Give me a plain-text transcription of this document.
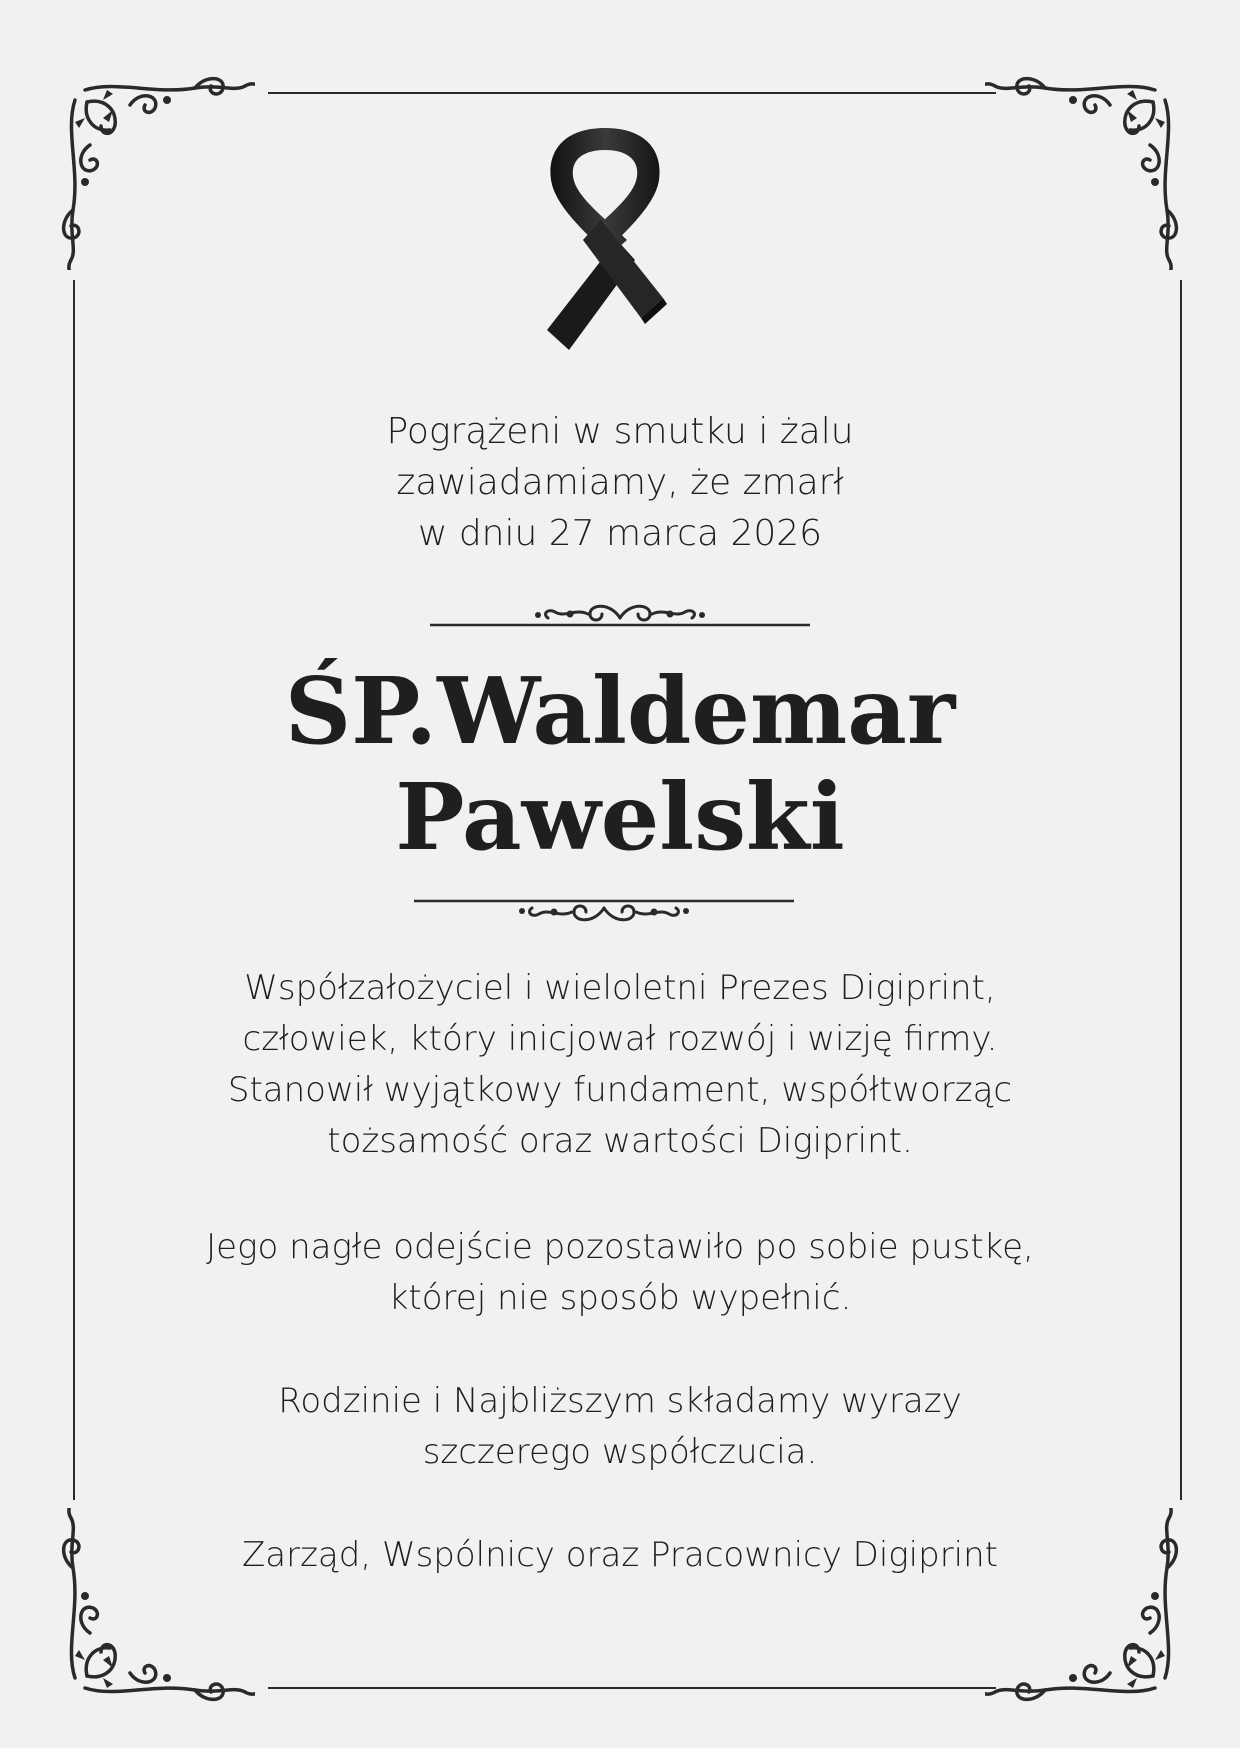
Pogrążeni w smutku i żalu
zawiadamiamy, że zmarł
w dniu 27 marca 2026
ŚP.Waldemar
Pawelski
Współzałożyciel i wieloletni Prezes Digiprint,
człowiek, który inicjował rozwój i wizję firmy.
Stanowił wyjątkowy fundament, współtworząc
tożsamość oraz wartości Digiprint.
Jego nagłe odejście pozostawiło po sobie pustkę,
której nie sposób wypełnić.
Rodzinie i Najbliższym składamy wyrazy
szczerego współczucia.
Zarząd, Wspólnicy oraz Pracownicy Digiprint
